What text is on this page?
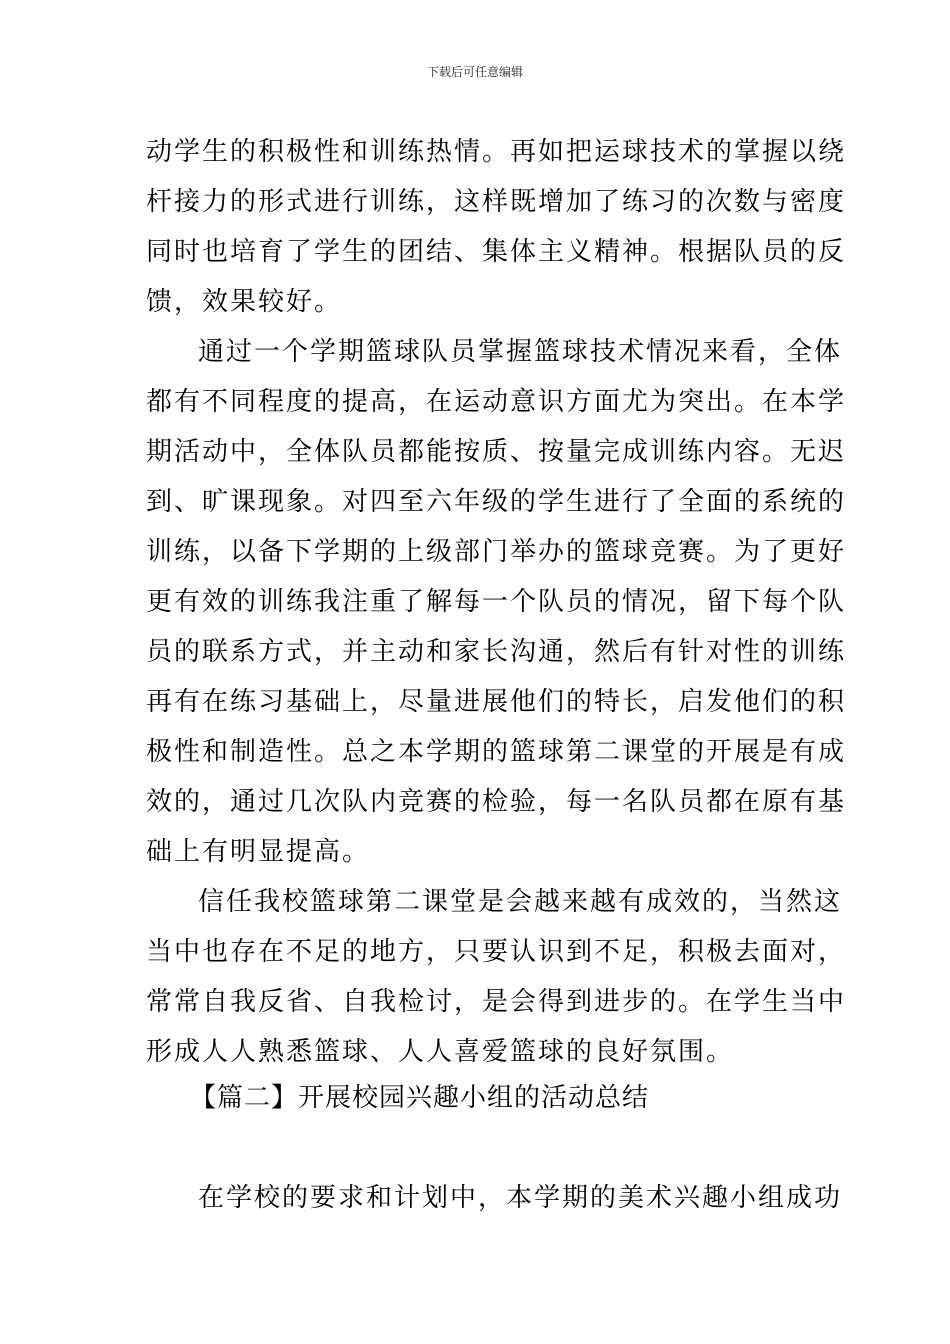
下载后可任意编辑
动学生的积极性和训练热情。再如把运球技术的掌握以绕
杆接力的形式进行训练，这样既增加了练习的次数与密度
同时也培育了学生的团结、集体主义精神。根据队员的反
馈，效果较好。
通过一个学期篮球队员掌握篮球技术情况来看，全体
都有不同程度的提高，在运动意识方面尤为突出。在本学
期活动中，全体队员都能按质、按量完成训练内容。无迟
到、旷课现象。对四至六年级的学生进行了全面的系统的
训练，以备下学期的上级部门举办的篮球竞赛。为了更好
更有效的训练我注重了解每一个队员的情况，留下每个队
员的联系方式，并主动和家长沟通，然后有针对性的训练
再有在练习基础上，尽量进展他们的特长，启发他们的积
极性和制造性。总之本学期的篮球第二课堂的开展是有成
效的，通过几次队内竞赛的检验，每一名队员都在原有基
础上有明显提高。
信任我校篮球第二课堂是会越来越有成效的，当然这
当中也存在不足的地方，只要认识到不足，积极去面对，
常常自我反省、自我检讨，是会得到进步的。在学生当中
形成人人熟悉篮球、人人喜爱篮球的良好氛围。
【篇二】开展校园兴趣小组的活动总结
在学校的要求和计划中，本学期的美术兴趣小组成功
